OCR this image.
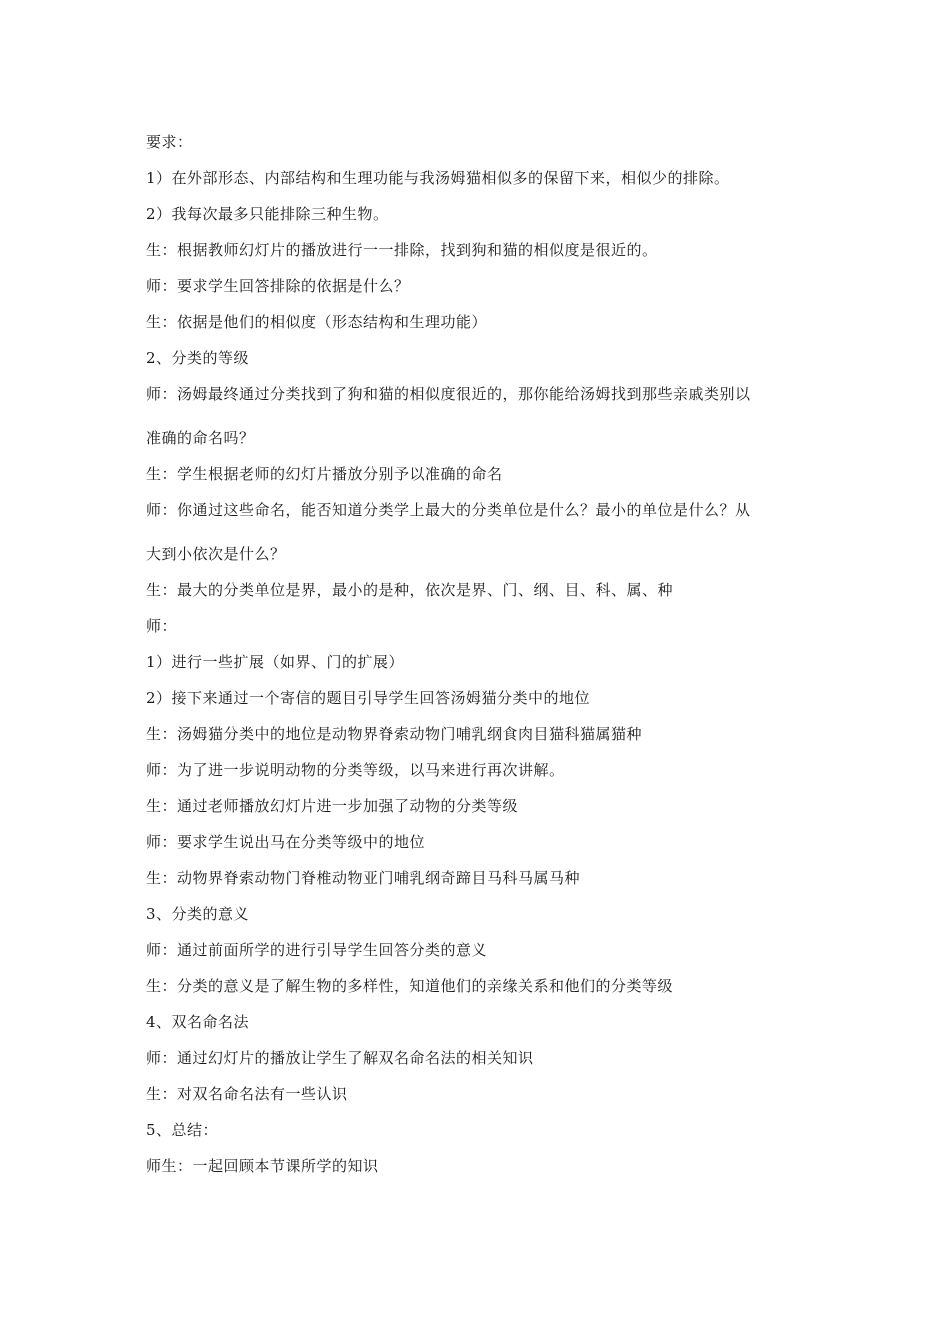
要求：
1）在外部形态、内部结构和生理功能与我汤姆猫相似多的保留下来，相似少的排除。
2）我每次最多只能排除三种生物。
生：根据教师幻灯片的播放进行一一排除，找到狗和猫的相似度是很近的。
师：要求学生回答排除的依据是什么？
生：依据是他们的相似度（形态结构和生理功能）
2、分类的等级
师：汤姆最终通过分类找到了狗和猫的相似度很近的，那你能给汤姆找到那些亲戚类别以
准确的命名吗？
生：学生根据老师的幻灯片播放分别予以准确的命名
师：你通过这些命名，能否知道分类学上最大的分类单位是什么？最小的单位是什么？从
大到小依次是什么？
生：最大的分类单位是界，最小的是种，依次是界、门、纲、目、科、属、种
师：
1）进行一些扩展（如界、门的扩展）
2）接下来通过一个寄信的题目引导学生回答汤姆猫分类中的地位
生：汤姆猫分类中的地位是动物界脊索动物门哺乳纲食肉目猫科猫属猫种
师：为了进一步说明动物的分类等级，以马来进行再次讲解。
生：通过老师播放幻灯片进一步加强了动物的分类等级
师：要求学生说出马在分类等级中的地位
生：动物界脊索动物门脊椎动物亚门哺乳纲奇蹄目马科马属马种
3、分类的意义
师：通过前面所学的进行引导学生回答分类的意义
生：分类的意义是了解生物的多样性，知道他们的亲缘关系和他们的分类等级
4、双名命名法
师：通过幻灯片的播放让学生了解双名命名法的相关知识
生：对双名命名法有一些认识
5、总结：
师生：一起回顾本节课所学的知识
